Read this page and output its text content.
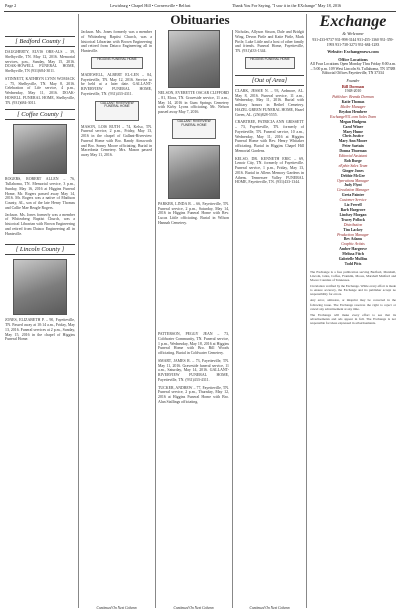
Page 2	Lewisburg • Chapel Hill • Cornersville • Belfast	Thank You For Saying, "I saw it in the EXchange" May 18, 2016
Obituaries
[ Bedford County ]
DAUGHERTY, ELVIS ORE-ALS – 39, Shelbyville, TN. May 12, 2016. Memorial services, p.m., Sunday, May 15, 2016. DOAK-HOWELL FUNERAL HOME, Shelbyville, TN (931)684-3011.
STINNETT, KATHRYN LYNN WOMACK – 75, Shelbyville, TN. May 8, 2016. Celebration of Life service, 4 p.m., Wednesday, May 11, 2016. DOAK-HOWELL FUNERAL HOME, Shelbyville, TN. (931)684-3011.
[ Coffee County ]
ROGERS, ROBERT ALLEN – 76, Tullahoma, TN. Memorial service, 3 p.m., Sunday, May 16, 2016 at Higgins Funeral Home, Mr. Rogers passed away May 14, 2016. Mr. Rogers was a native of Madison County, AL, son of the late Henry Thomas and Callie Mae Beagle Rogers.
Jackson. Ms. Jones formerly was a member of Whiteaberg Baptist Church, was a historical Librarian with Brown Engineering and retired from Dataco Engineering all in Huntsville.
[ Lincoln County ]
JONES, ELIZABETH P. – 90, Fayetteville, TN. Passed away at 10:14 a.m., Friday, May 13, 2016. Funeral services at 2 p.m., Sunday, May 15, 2016 in the chapel of Higgins Funeral Home.
Jackson. Ms. Jones formerly was a member of Whiteaberg Baptist Church, was a historical Librarian with Brown Engineering and retired from Dataco Engineering all in Huntsville.
HIGGINS FUNERAL HOME
MADEWELL, ALBERT EL-LEN – 84, Fayetteville, TN. May 12, 2016. Service to be held at a later date. GALLANT-RIVERVIEW FUNERAL HOME, Fayetteville, TN. (931)433-4311.
GALLANT RIVERVIEW FUNERAL HOME
MASON, LOIS RUTH – 74, Kelso, TN. Funeral service, 2 p.m., Friday, May 13, 2016 in the chapel of Gallant-Riverview Funeral Home with Bro. Randy Ainsworth and Bro. Sonny Moore officiating. Burial in Macedonia Cemetery. Mrs. Mason passed away May 11, 2016.
Continued On Next Column
NELSON, EVERETTE OSCAR CLIFFORD – 81, Elora, TN. Graveside service, 11 a.m., May 14, 2016 in Gum Springs Cemetery with Kirby Lyons officiating. Mr. Nelson passed away May 7, 2016.
GALLANT RIVERVIEW FUNERAL HOME
PARKER, LINDA R. – 66, Fayetteville, TN. Funeral service, 2 p.m., Saturday, May 14, 2016 in Higgins Funeral Home with Rev. Lucas Little officiating. Burial in Wilson Hannah Cemetery.
Continued On Next Column
Nicholas, Allyson Sisson, Dale and Bridgit Wing, Devon Pirtle and Katie Pirtle, Mark Pirtle, Luke Little and a host of other family and friends. Funeral Home, Fayetteville, TN. (931)433-1344.
HIGGINS FUNERAL HOME
[Out of Area]
CLARK, JESSIE N. – 93, Ardmore, AL. May 8, 2016. Funeral service, 11 a.m., Wednesday, May 11, 2016. Burial with military honors in Bethel Cemetery. HAZEL GREEN FUNERAL HOME, Hazel Green, AL. (256)828-5555.
CRABTREE, PATRICIA ANN GRISSETT – 73, Fayetteville, TN. formerly of Fayetteville, TN. Funeral service, 10 a.m., Wednesday, May 11, 2016 at Higgins Funeral Home with Rev. Henry Whitaker officiating. Burial in Higgins Chapel Hill Memorial Gardens.
KELSO, DR. KENNETH ERIC – 69, Lenoir City, TN. formerly of Fayetteville. Funeral service, 1 p.m., Friday, May 13, 2016. Burial in Allens Memory Gardens in Athens. Tennessee Valley FUNERAL HOME, Fayetteville, TN. (931)433-1344.
Continued On Next Column
Exchange
& Welcome
931-433-9737 931-998-3144 931-455-1360 931-359-1993 931-738-3273 931-684-1283
Website: Exchangenews.com
Office Locations
All Four Locations Open Monday Thru Friday 8:00 a.m. – 5:00 p.m. 109 West Lincoln St. Tullahoma, TN 37388 Editorial Offices Fayetteville, TN 37334
Founder
Bill Dorman
1948-2010
Publisher: Brenda Dorman
Katie Thomas
Mailer Manager
Brydon Hembree
Exchange931.com Sales Team
Megan Hudgens
Carol Winer
Mary Hume
Chris Justice
Mary Ann Moore
Peter Sartain
Donna Thurman
Editorial Assistant
Bob Burge
eEphin Sales Team
Ginger Jones
Debbie McGee
Operations Manager
Judy Flynt
Circulation Manager
Greta Painter
Customer Service
Liz Ferrell
Barb Hargrove
Lindsey Morgan
Tracey Pollock
Distribution
Tim Lackey
Production Manager
Bev Adams
Graphic Artists
Amber Hargrove
Melissa Fitch
Gabrielle Mullins
Todd Pitts
The Exchange is a free publication serving Bedford, Marshall, Lincoln, Giles, Coffee, Franklin, Moore, Marshall Mulford and Moore Counties of Tennessee.
Circulation verified by the Exchange. While every effort is made to ensure accuracy, the Exchange and its publisher accept no responsibility for errors.
Any error, omission, or misprint may be corrected in the following issue. The Exchange reserves the right to reject or cancel any advertisement at any time.
The Exchange will make every effort to see that its advertisements and ads appear in full. The Exchange is not responsible for ideas expressed in advertisements.
PATTERSON, PEGGY JEAN – 73, Coldwater Community, TN. Funeral service, 1 p.m., Wednesday, May 18, 2016 at Higgins Funeral Home with Bro. Bill Woods officiating. Burial in Coldwater Cemetery.
SMART, JAMES R. – 73, Fayetteville, TN. May 11, 2016. Graveside funeral service, 11 a.m., Saturday, May 14, 2016. GALLANT-RIVERVIEW FUNERAL HOME, Fayetteville, TN. (931)433-4311.
TUCKER, ANDREW – 77, Fayetteville, TN. Funeral service, 2 p.m., Thursday, May 12, 2016 at Higgins Funeral Home with Bro. Alan Stallings officiating.
